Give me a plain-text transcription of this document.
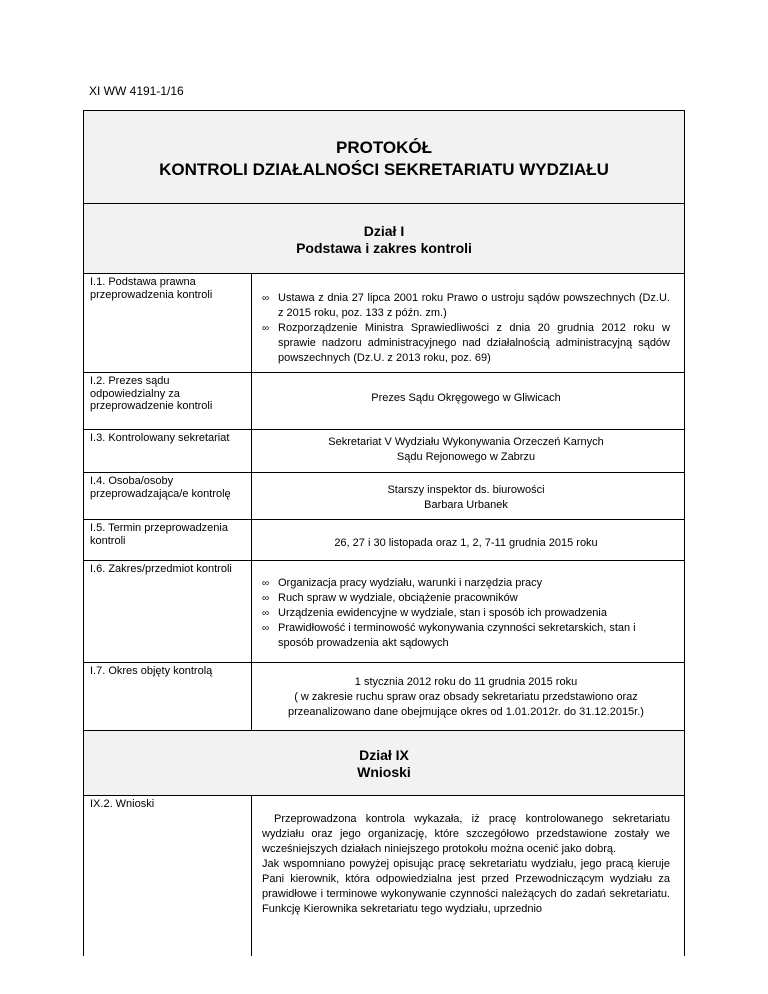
XI WW 4191-1/16
PROTOKÓŁ
KONTROLI DZIAŁALNOŚCI SEKRETARIATU WYDZIAŁU
Dział I
Podstawa i zakres kontroli
I.1. Podstawa prawna przeprowadzenia kontroli
∞	Ustawa z dnia 27 lipca 2001 roku Prawo o ustroju sądów powszechnych (Dz.U. z 2015 roku, poz. 133 z późn. zm.)
∞ Rozporządzenie Ministra Sprawiedliwości z dnia 20 grudnia 2012 roku w sprawie nadzoru administracyjnego nad działalnością administracyjną sądów powszechnych (Dz.U. z 2013 roku, poz. 69)
I.2. Prezes sądu odpowiedzialny za przeprowadzenie kontroli
Prezes Sądu Okręgowego w Gliwicach
I.3. Kontrolowany sekretariat	Sekretariat V Wydziału Wykonywania Orzeczeń Karnych
Sądu Rejonowego w Zabrzu
I.4. Osoba/osoby przeprowadzająca/e kontrolę	Starszy inspektor ds. biurowości
Barbara Urbanek
I.5. Termin przeprowadzenia kontroli	26, 27 i 30 listopada oraz 1, 2, 7-11 grudnia 2015 roku
I.6. Zakres/przedmiot kontroli
∞ Organizacja pracy wydziału, warunki i narzędzia pracy
∞ Ruch spraw w wydziale, obciążenie pracowników
∞ Urządzenia ewidencyjne w wydziale, stan i sposób ich prowadzenia
∞ Prawidłowość i terminowość wykonywania czynności sekretarskich, stan i sposób prowadzenia akt sądowych
I.7. Okres objęty kontrolą
1 stycznia 2012 roku do 11 grudnia 2015 roku
( w zakresie ruchu spraw oraz obsady sekretariatu przedstawiono oraz
przeanalizowano dane obejmujące okres od 1.01.2012r. do 31.12.2015r.)
Dział IX
Wnioski
IX.2. Wnioski
Przeprowadzona kontrola wykazała, iż pracę kontrolowanego sekretariatu wydziału oraz jego organizację, które szczegółowo przedstawione zostały we wcześniejszych działach niniejszego protokołu można ocenić jako dobrą.
Jak wspomniano powyżej opisując pracę sekretariatu wydziału, jego pracą kieruje Pani kierownik, która odpowiedzialna jest przed Przewodniczącym wydziału za prawidłowe i terminowe wykonywanie czynności należących do zadań sekretariatu. Funkcję Kierownika sekretariatu tego wydziału, uprzednio
